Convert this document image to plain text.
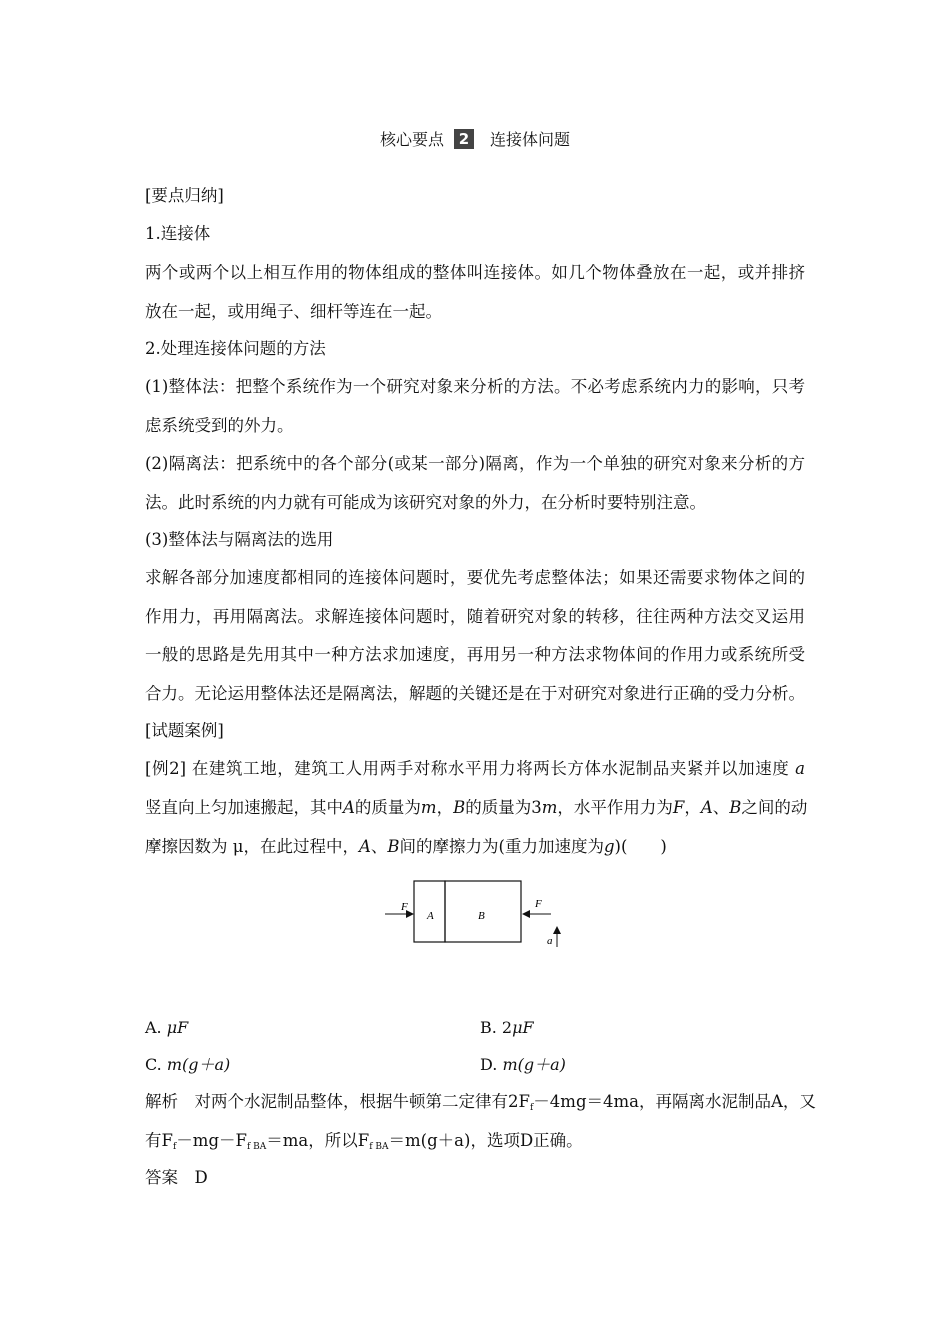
核心要点 2 连接体问题
[要点归纳]
1.连接体
两个或两个以上相互作用的物体组成的整体叫连接体。如几个物体叠放在一起，或并排挤
放在一起，或用绳子、细杆等连在一起。
2.处理连接体问题的方法
(1)整体法：把整个系统作为一个研究对象来分析的方法。不必考虑系统内力的影响，只考
虑系统受到的外力。
(2)隔离法：把系统中的各个部分(或某一部分)隔离，作为一个单独的研究对象来分析的方
法。此时系统的内力就有可能成为该研究对象的外力，在分析时要特别注意。
(3)整体法与隔离法的选用
求解各部分加速度都相同的连接体问题时，要优先考虑整体法；如果还需要求物体之间的
作用力，再用隔离法。求解连接体问题时，随着研究对象的转移，往往两种方法交叉运用
一般的思路是先用其中一种方法求加速度，再用另一种方法求物体间的作用力或系统所受
合力。无论运用整体法还是隔离法，解题的关键还是在于对研究对象进行正确的受力分析。
[试题案例]
[例2] 在建筑工地，建筑工人用两手对称水平用力将两长方体水泥制品夹紧并以加速度 a
竖直向上匀加速搬起，其中A的质量为m，B的质量为3m，水平作用力为F，A、B之间的动
摩擦因数为 μ，在此过程中，A、B间的摩擦力为(重力加速度为g)(　　)
A	B
F	F
a
A. μF	B. 2μF
C. m(g＋a)	D. m(g＋a)
解析　对两个水泥制品整体，根据牛顿第二定律有$2F_f-4mg=4ma$，再隔离水泥制品A，又
有$F_f-mg-F_{f BA}=ma$，所以$F_{f BA}=m(g+a)$，选项D正确。
答案　D
